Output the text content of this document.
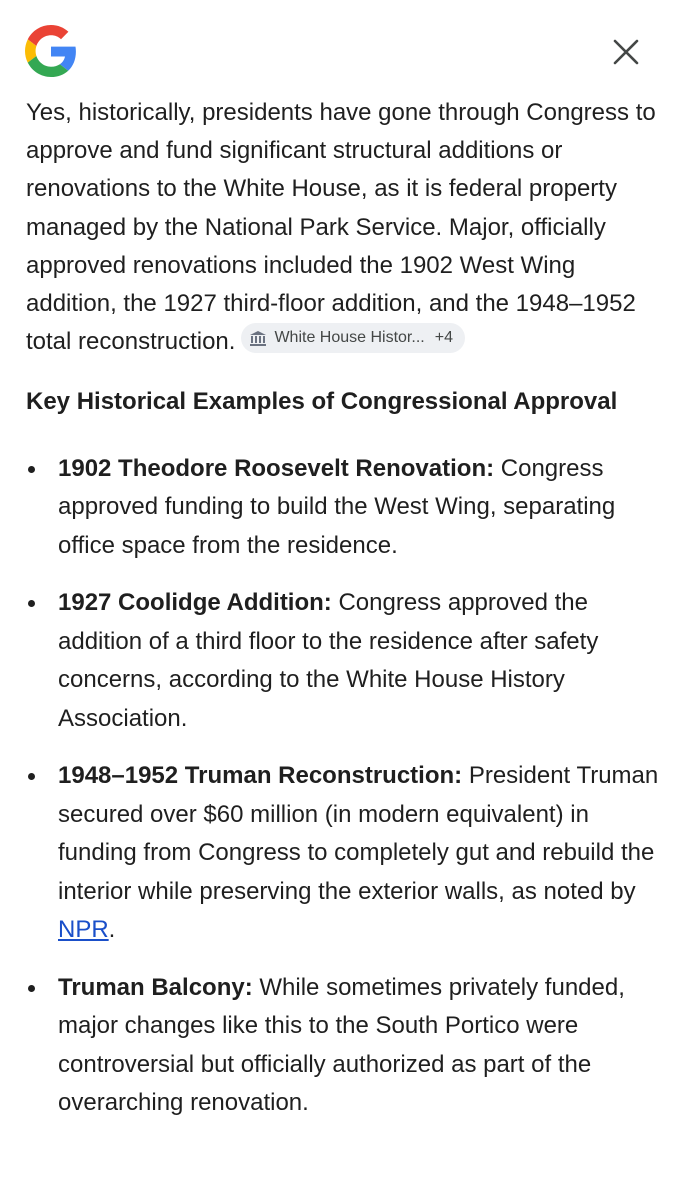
Yes, historically, presidents have gone through Congress to approve and fund significant structural additions or renovations to the White House, as it is federal property managed by the National Park Service. Major, officially approved renovations included the 1902 West Wing addition, the 1927 third-floor addition, and the 1948–1952 total reconstruction. White House Histor... +4

Key Historical Examples of Congressional Approval
1902 Theodore Roosevelt Renovation: Congress approved funding to build the West Wing, separating office space from the residence.
1927 Coolidge Addition: Congress approved the addition of a third floor to the residence after safety concerns, according to the White House History Association.
1948–1952 Truman Reconstruction: President Truman secured over $60 million (in modern equivalent) in funding from Congress to completely gut and rebuild the interior while preserving the exterior walls, as noted by NPR.
Truman Balcony: While sometimes privately funded, major changes like this to the South Portico were controversial but officially authorized as part of the overarching renovation.
